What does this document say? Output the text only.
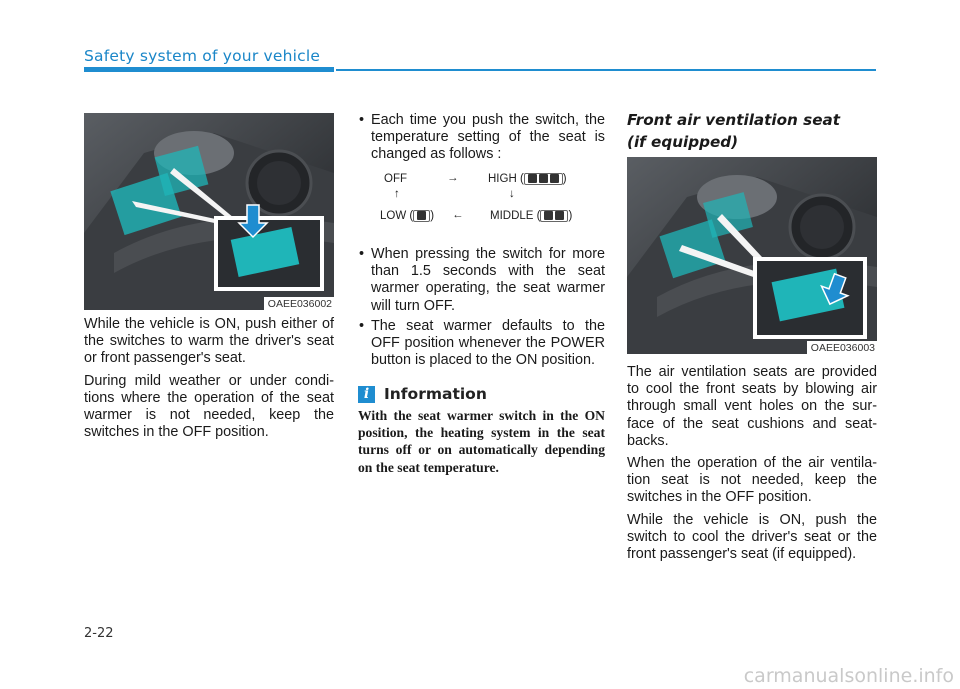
Safety system of your vehicle
OAEE036002

While the vehicle is ON, push either of the switches to warm the driver's seat or front passenger's seat.

During mild weather or under condi-tions where the operation of the seat warmer is not needed, keep the switches in the OFF position.

• Each time you push the switch, the temperature setting of the seat is changed as follows :
OFF	→	HIGH (	)
↑	↓
LOW ( ) ← MIDDLE ( )
• When pressing the switch for more than 1.5 seconds with the seat warmer operating, the seat warmer will turn OFF.
• The seat warmer defaults to the OFF position whenever the POWER button is placed to the ON position.
i Information
With the seat warmer switch in the ON position, the heating system in the seat turns off or on automatically depending on the seat temperature.
Front air ventilation seat
(if equipped)
OAEE036003

The air ventilation seats are provided to cool the front seats by blowing air through small vent holes on the sur-face of the seat cushions and seat-backs.

When the operation of the air ventila-tion seat is not needed, keep the switches in the OFF position.

While the vehicle is ON, push the switch to cool the driver's seat or the front passenger's seat (if equipped).

2-22
carmanualsonline.info
